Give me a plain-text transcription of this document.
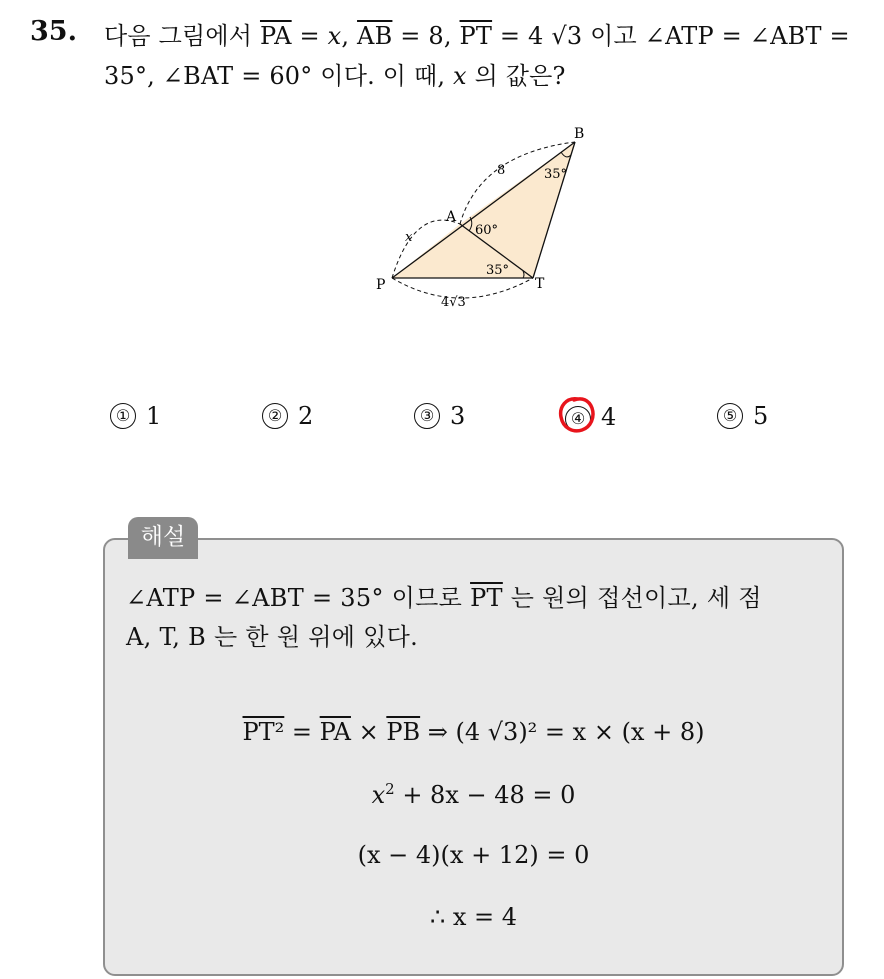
35. 다음 그림에서 $\overline{PA} = x$, $\overline{AB} = 8$, $\overline{PT} = 4$ √3 이고 ∠ATP = ∠ABT =
35°, ∠BAT = 60° 이다. 이 때, x 의 값은?
B
A
P	T
8
x
4√3
35°
60°
35°
① 1	② 2	③ 3	④ 4	⑤ 5
해설
∠ATP = ∠ABT = 35° 이므로 $\overline{PT}$ 는 원의 접선이고, 세 점
A, T, B 는 한 원 위에 있다.
$PT^2 = \overline{PA} \times \overline{PB}$ ⇒ (4 √3)² = x × (x + 8)
$x^2 + 8x - 48 = 0$
(x − 4)(x + 12) = 0
∴ x = 4
